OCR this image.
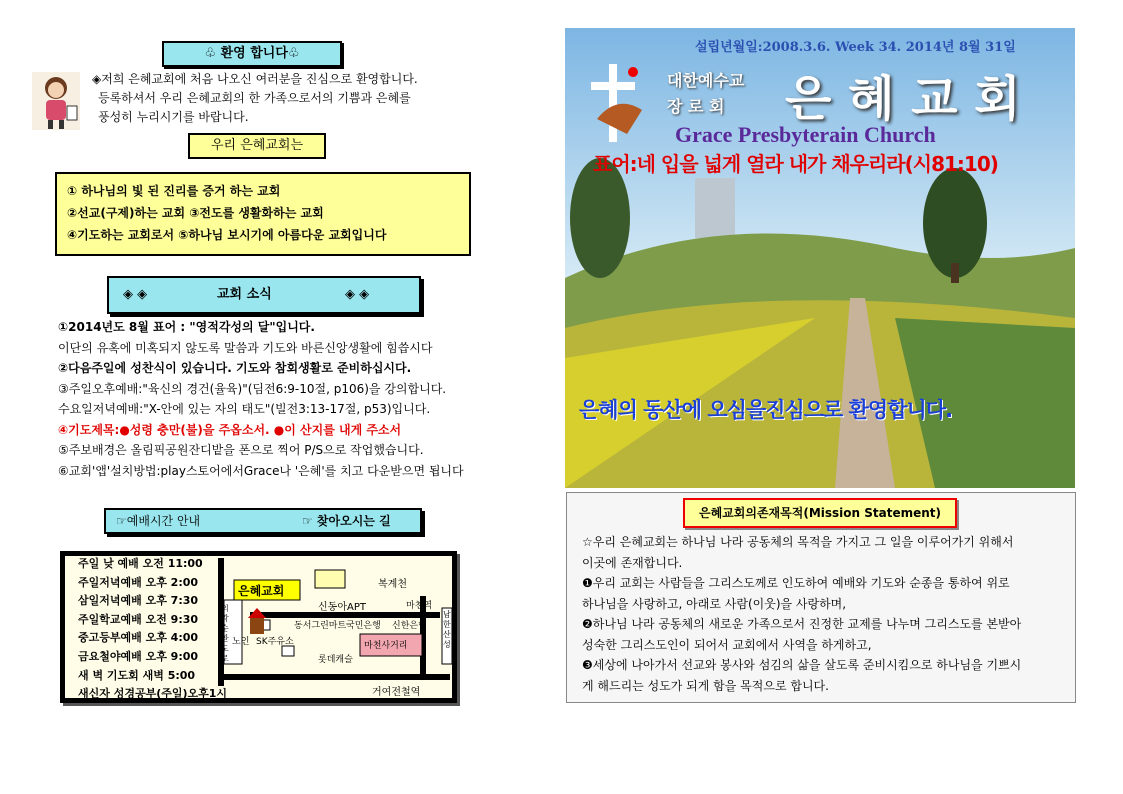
♧ 환영 합니다♧
◈저희 은혜교회에 처음 나오신 여러분을 진심으로 환영합니다.
등록하셔서 우리 은혜교회의 한 가족으로서의 기쁨과 은혜를
풍성히 누리시기를 바랍니다.
우리 은혜교회는
① 하나님의 빛 된 진리를 증거 하는 교회
②선교(구제)하는 교회 ③전도를 생활화하는 교회
④기도하는 교회로서 ⑤하나님 보시기에 아름다운 교회입니다
◈ ◈	교회 소식	◈ ◈
①2014년도 8월 표어 : "영적각성의 달"입니다.
이단의 유혹에 미혹되지 않도록 말씀과 기도와 바른신앙생활에 힘씁시다
②다음주일에 성찬식이 있습니다. 기도와 참회생활로 준비하십시다.
③주일오후예배:"육신의 경건(율육)"(딤전6:9-10절, p106)을 강의합니다.
수요일저녁예배:"X-안에 있는 자의 태도"(빌전3:13-17절, p53)입니다.
④기도제목:●성령 충만(불)을 주옵소서. ●이 산지를 내게 주소서
⑤주보배경은 올림픽공원잔디밭을 폰으로 찍어 P/S으로 작업했습니다.
⑥교회'앱'설치방법:play스토어에서Grace나 '은혜'를 치고 다운받으면 됩니다
☞예배시간 안내	☞ 찾아오시는 길
주일 낮 예배 오전 11:00
주일저녁예배 오후 2:00
삼일저녁예배 오후 7:30
주일학교예배 오전 9:30
중고등부예배 오후 4:00
금요철야예배 오후 9:00
새 벽 기도회 새벽 5:00
새신자 성경공부(주일)오후1시
은혜교회	복계천
신동아APT	마천역
동서그린마트 국민은행 신한은행
마천사거리
롯데캐슬
거여전철역
SK주유소
노인
남한산성
외곽순환도로
설립년월일:2008.3.6. Week 34. 2014년 8월 31일
대한예수교
장 로 회 은 혜 교 회
Grace Presbyterain Church
표어:네 입을 넓게 열라 내가 채우리라(시81:10)
은혜의 동산에 오심을진심으로 환영합니다.
은혜교회의존재목적(Mission Statement)
☆우리 은혜교회는 하나님 나라 공동체의 목적을 가지고 그 일을 이루어가기 위해서
이곳에 존재합니다.
❶우리 교회는 사람들을 그리스도께로 인도하여 예배와 기도와 순종을 통하여 위로
하나님을 사랑하고, 아래로 사람(이웃)을 사랑하며,
❷하나님 나라 공동체의 새로운 가족으로서 진정한 교제를 나누며 그리스도를 본받아
성숙한 그리스도인이 되어서 교회에서 사역을 하게하고,
❸세상에 나아가서 선교와 봉사와 섬김의 삶을 살도록 준비시킴으로 하나님을 기쁘시
게 해드리는 성도가 되게 함을 목적으로 합니다.
